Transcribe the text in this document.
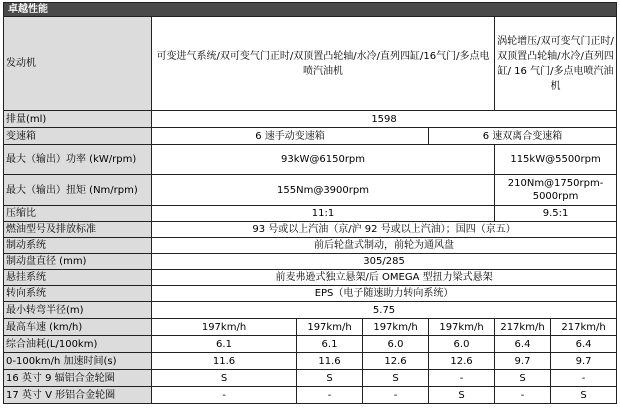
卓越性能						
发动机	可变进气系统/双可变气门正时/双顶置凸轮轴/水冷/直列四缸/16气门/多点电喷汽油机				涡轮增压/双可变气门正时/双顶置凸轮轴/水冷/直列四缸/ 16 气门/多点电喷汽油机	
排量(ml)	1598					
变速箱	6 速手动变速箱			6 速双离合变速箱		
最大（输出）功率 (kW/rpm)	93kW@6150rpm				115kW@5500rpm	
最大（输出）扭矩 (Nm/rpm)	155Nm@3900rpm				210Nm@1750rpm-5000rpm	
压缩比	11:1				9.5:1	
燃油型号及排放标准	93 号或以上汽油（京/沪 92 号或以上汽油）；国四（京五）					
制动系统	前后轮盘式制动，前轮为通风盘					
制动盘直径 (mm)	305/285					
悬挂系统	前麦弗逊式独立悬架/后 OMEGA 型扭力梁式悬架					
转向系统	EPS（电子随速助力转向系统）					
最小转弯半径(m)	5.75					
最高车速 (km/h)	197km/h	197km/h	197km/h	197km/h	217km/h	217km/h
综合油耗(L/100km)	6.1	6.1	6.0	6.0	6.4	6.4
0-100km/h 加速时间(s)	11.6	11.6	12.6	12.6	9.7	9.7
16 英寸 9 辐铝合金轮圈	S	S	S	-	S	-
17 英寸 V 形铝合金轮圈	-	-	-	S	-	S
